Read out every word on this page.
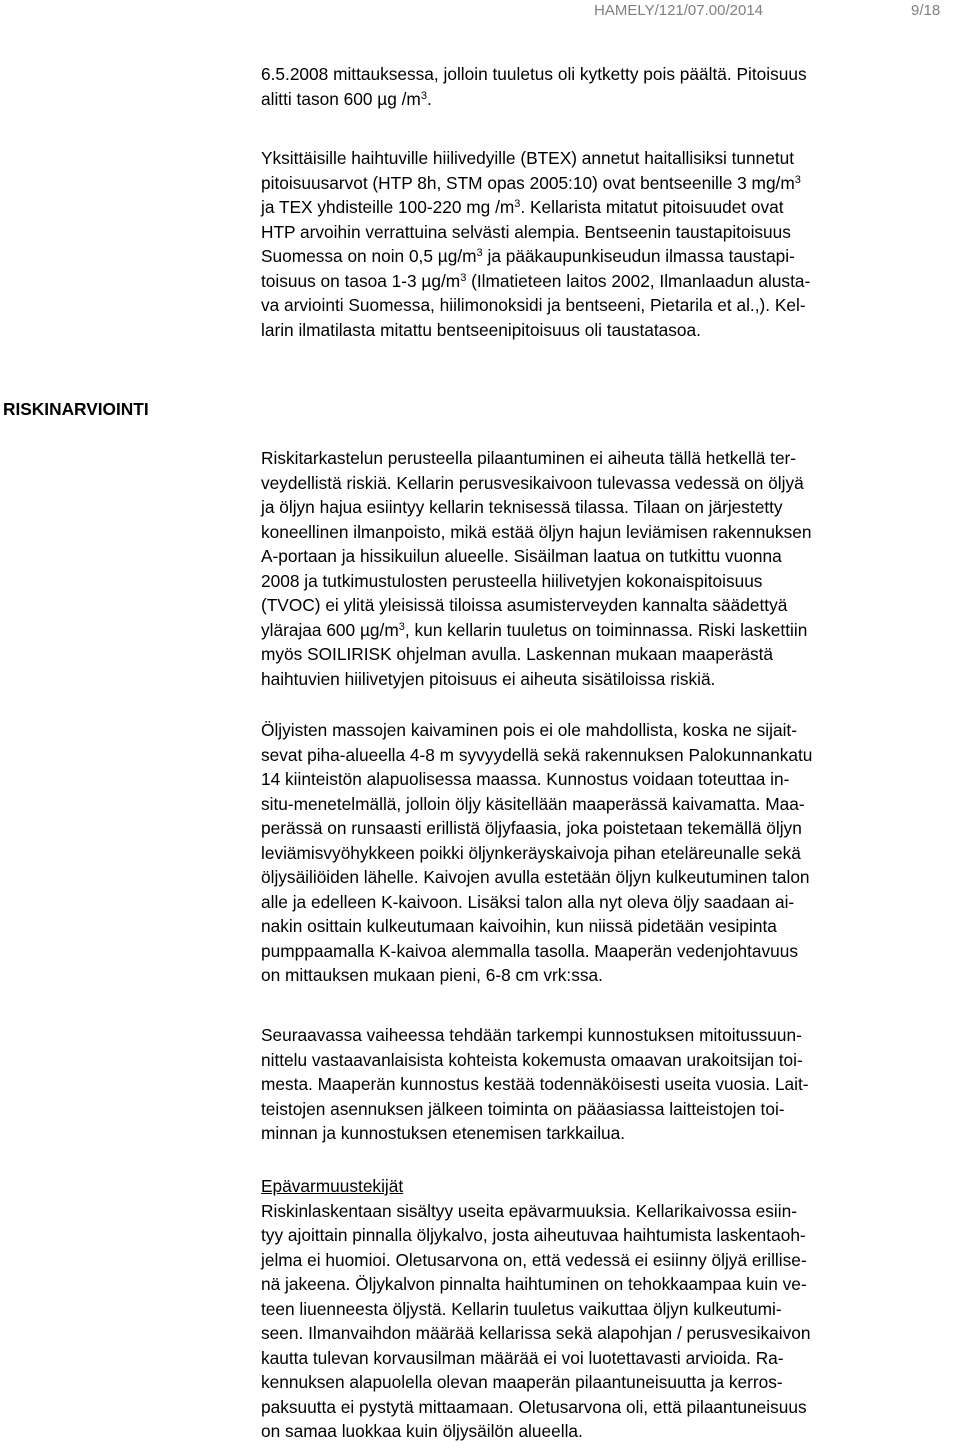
HAMELY/121/07.00/2014	9/18
6.5.2008 mittauksessa, jolloin tuuletus oli kytketty pois päältä. Pitoisuus
alitti tason 600 µg $/m^3$.
Yksittäisille haihtuville hiilivedyille (BTEX) annetut haitallisiksi tunnetut
pitoisuusarvot (HTP 8h, STM opas 2005:10) ovat bentseenille 3 $mg/m^3$
ja TEX yhdisteille 100-220 mg $/m^3$. Kellarista mitatut pitoisuudet ovat
HTP arvoihin verrattuina selvästi alempia. Bentseenin taustapitoisuus
Suomessa on noin 0,5 $\mu g/m^3$ ja pääkaupunkiseudun ilmassa taustapi-
toisuus on tasoa 1-3 $\mu g/m^3$ (Ilmatieteen laitos 2002, Ilmanlaadun alusta-
va arviointi Suomessa, hiilimonoksidi ja bentseeni, Pietarila et al.,). Kel-
larin ilmatilasta mitattu bentseenipitoisuus oli taustatasoa.
RISKINARVIOINTI
Riskitarkastelun perusteella pilaantuminen ei aiheuta tällä hetkellä ter-
veydellistä riskiä. Kellarin perusvesikaivoon tulevassa vedessä on öljyä
ja öljyn hajua esiintyy kellarin teknisessä tilassa. Tilaan on järjestetty
koneellinen ilmanpoisto, mikä estää öljyn hajun leviämisen rakennuksen
A-portaan ja hissikuilun alueelle. Sisäilman laatua on tutkittu vuonna
2008 ja tutkimustulosten perusteella hiilivetyjen kokonaispitoisuus
(TVOC) ei ylitä yleisissä tiloissa asumisterveyden kannalta säädettyä
ylärajaa 600 $\mu g/m^3$, kun kellarin tuuletus on toiminnassa. Riski laskettiin
myös SOILIRISK ohjelman avulla. Laskennan mukaan maaperästä
haihtuvien hiilivetyjen pitoisuus ei aiheuta sisätiloissa riskiä.
Öljyisten massojen kaivaminen pois ei ole mahdollista, koska ne sijait-
sevat piha-alueella 4-8 m syvyydellä sekä rakennuksen Palokunnankatu
14 kiinteistön alapuolisessa maassa. Kunnostus voidaan toteuttaa in-
situ-menetelmällä, jolloin öljy käsitellään maaperässä kaivamatta. Maa-
perässä on runsaasti erillistä öljyfaasia, joka poistetaan tekemällä öljyn
leviämisvyöhykkeen poikki öljynkeräyskaivoja pihan eteläreunalle sekä
öljysäiliöiden lähelle. Kaivojen avulla estetään öljyn kulkeutuminen talon
alle ja edelleen K-kaivoon. Lisäksi talon alla nyt oleva öljy saadaan ai-
nakin osittain kulkeutumaan kaivoihin, kun niissä pidetään vesipinta
pumppaamalla K-kaivoa alemmalla tasolla. Maaperän vedenjohtavuus
on mittauksen mukaan pieni, 6-8 cm vrk:ssa.
Seuraavassa vaiheessa tehdään tarkempi kunnostuksen mitoitussuun-
nittelu vastaavanlaisista kohteista kokemusta omaavan urakoitsijan toi-
mesta. Maaperän kunnostus kestää todennäköisesti useita vuosia. Lait-
teistojen asennuksen jälkeen toiminta on pääasiassa laitteistojen toi-
minnan ja kunnostuksen etenemisen tarkkailua.
Epävarmuustekijät
Riskinlaskentaan sisältyy useita epävarmuuksia. Kellarikaivossa esiin-
tyy ajoittain pinnalla öljykalvo, josta aiheutuvaa haihtumista laskentaoh-
jelma ei huomioi. Oletusarvona on, että vedessä ei esiinny öljyä erillise-
nä jakeena. Öljykalvon pinnalta haihtuminen on tehokkaampaa kuin ve-
teen liuenneesta öljystä. Kellarin tuuletus vaikuttaa öljyn kulkeutumi-
seen. Ilmanvaihdon määrää kellarissa sekä alapohjan / perusvesikaivon
kautta tulevan korvausilman määrää ei voi luotettavasti arvioida. Ra-
kennuksen alapuolella olevan maaperän pilaantuneisuutta ja kerros-
paksuutta ei pystytä mittaamaan. Oletusarvona oli, että pilaantuneisuus
on samaa luokkaa kuin öljysäilön alueella.
